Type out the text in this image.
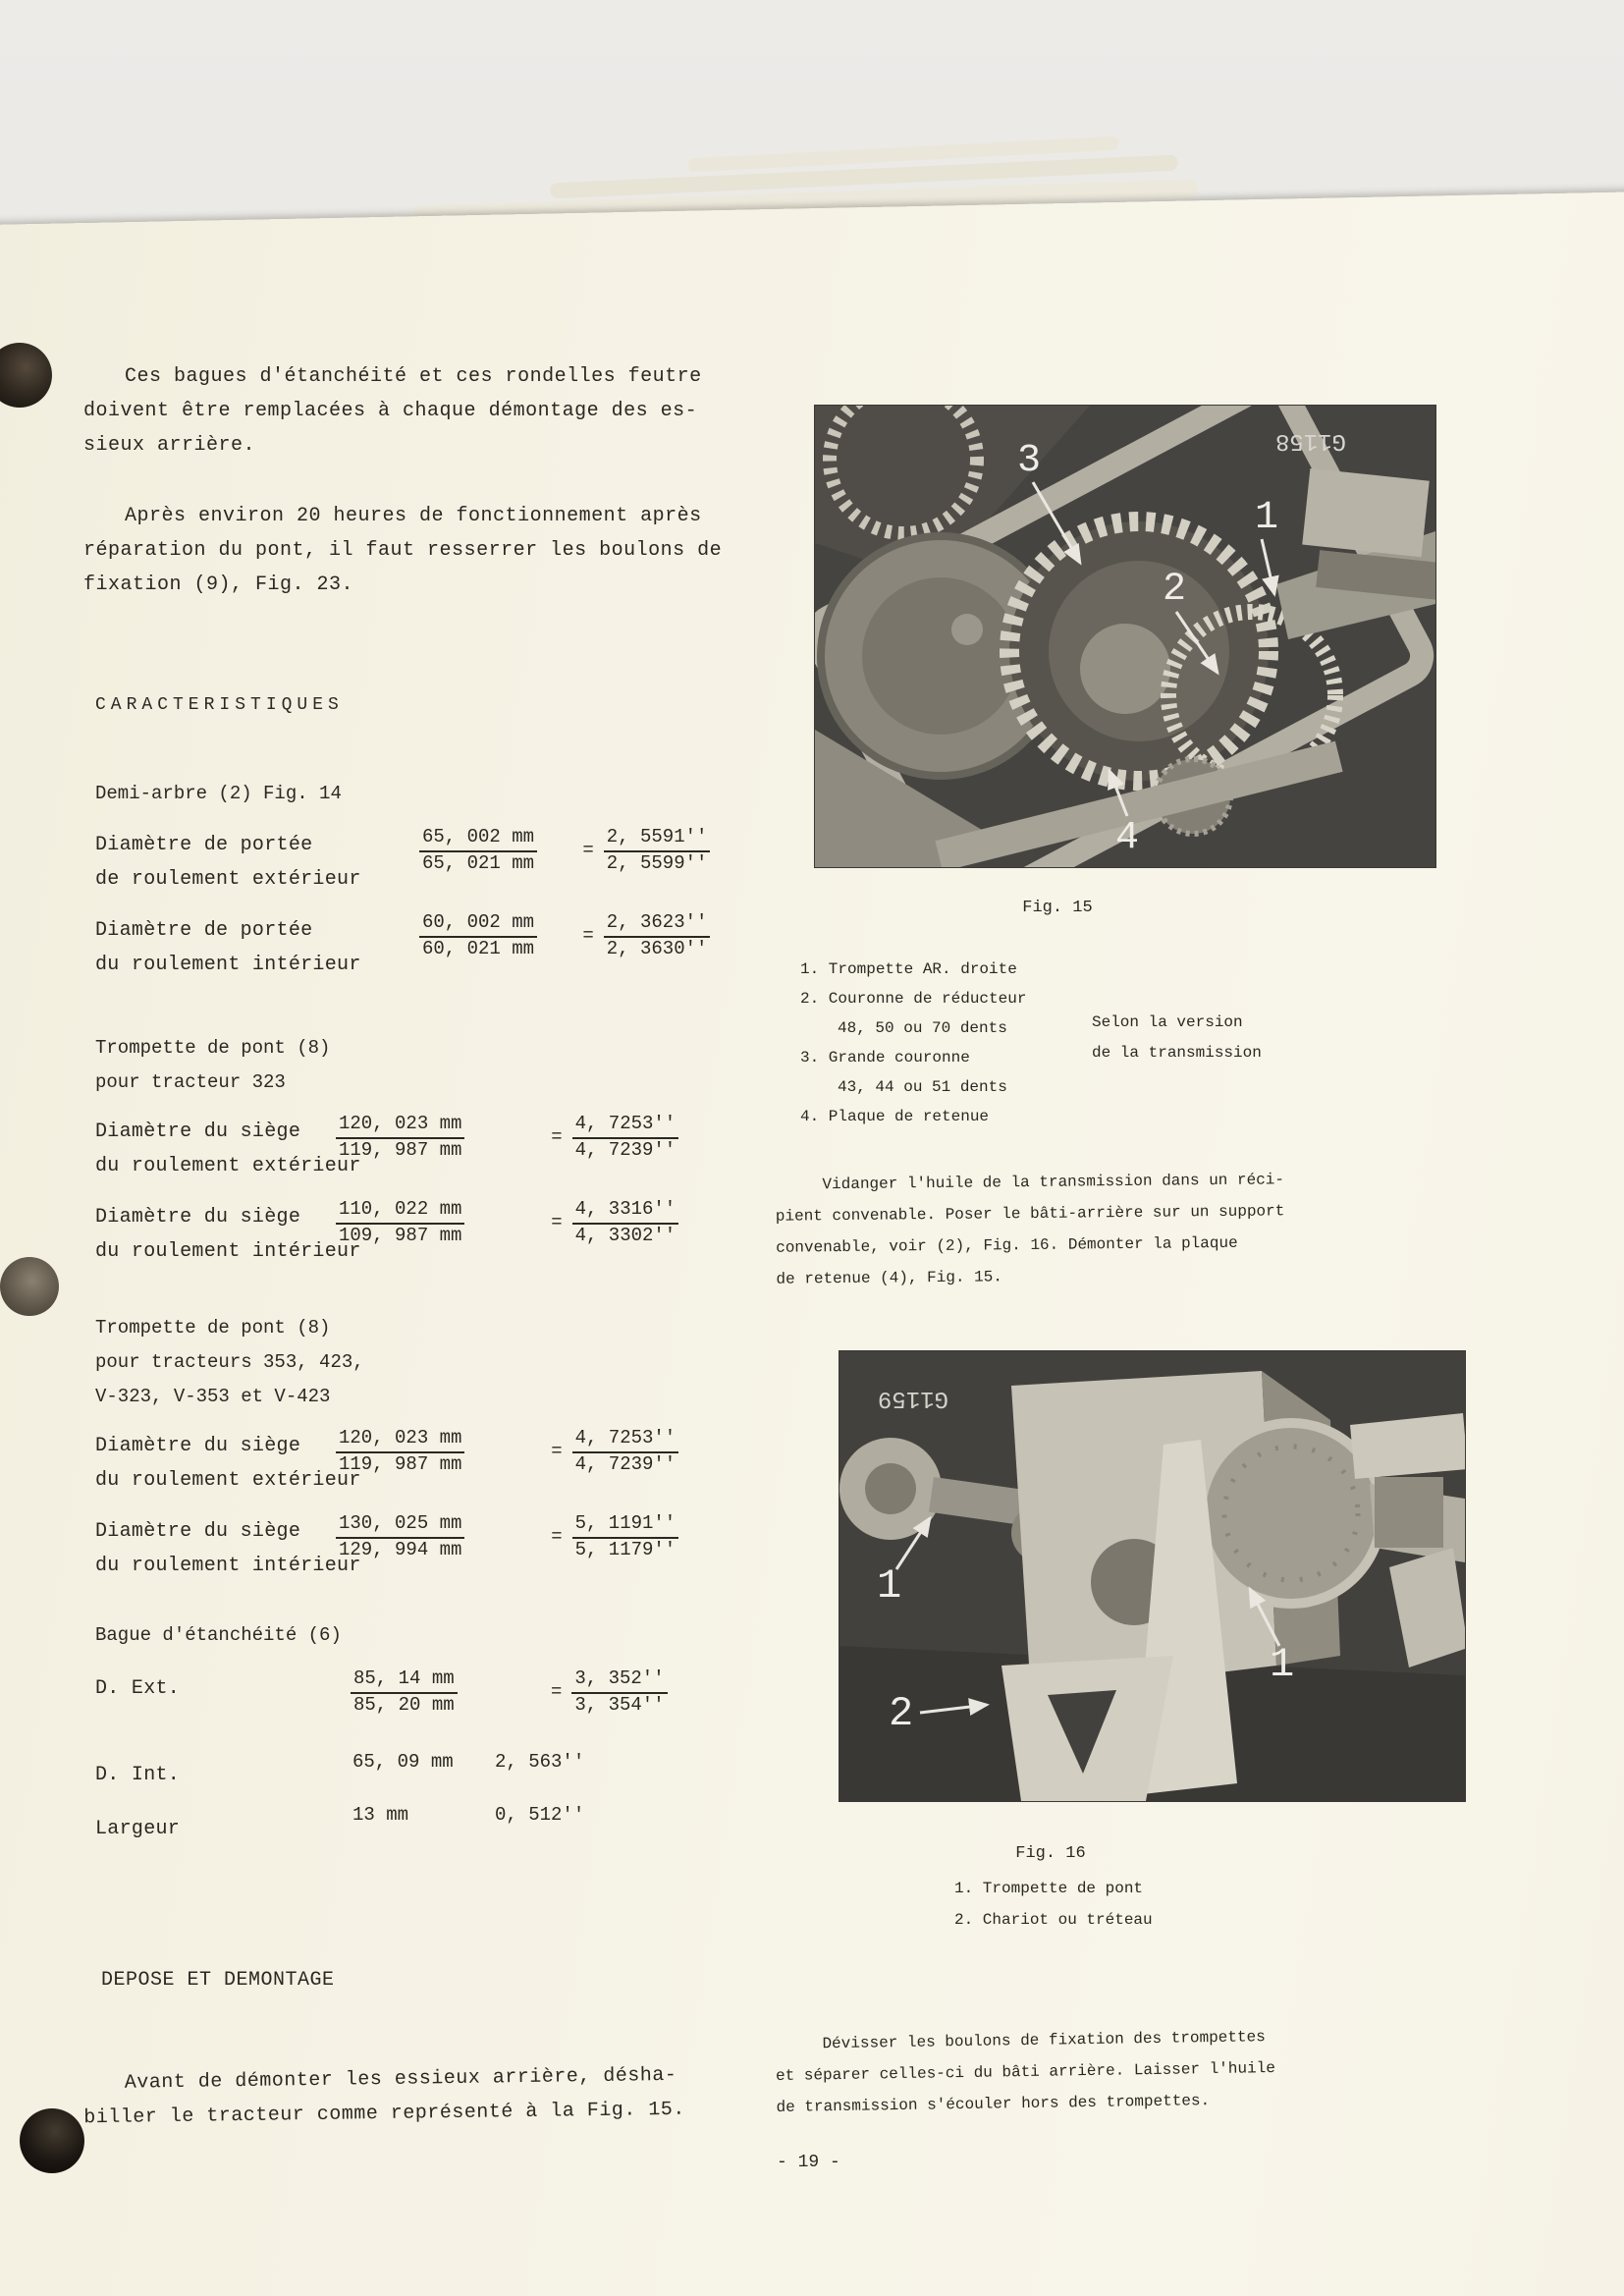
Ces bagues d'étanchéité et ces rondelles feutre
doivent être remplacées à chaque démontage des es-
sieux arrière.
Après environ 20 heures de fonctionnement après
réparation du pont, il faut resserrer les boulons de
fixation (9), Fig. 23.
CARACTERISTIQUES
Demi-arbre (2) Fig. 14
Diamètre de portée
de roulement extérieur
$\frac{65, 002 mm}{65, 021 mm} = \frac{2, 5591''}{2, 5599''}$
Diamètre de portée
du roulement intérieur
$\frac{60, 002 mm}{60, 021 mm} = \frac{2, 3623''}{2, 3630''}$
Trompette de pont (8)
pour tracteur 323
Diamètre du siège
du roulement extérieur
$\frac{120, 023 mm}{119, 987 mm} = \frac{4, 7253''}{4, 7239''}$
Diamètre du siège
du roulement intérieur
$\frac{110, 022 mm}{109, 987 mm} = \frac{4, 3316''}{4, 3302''}$
Trompette de pont (8)
pour tracteurs 353, 423,
V-323, V-353 et V-423
Diamètre du siège
du roulement extérieur
$\frac{120, 023 mm}{119, 987 mm} = \frac{4, 7253''}{4, 7239''}$
Diamètre du siège
du roulement intérieur
$\frac{130, 025 mm}{129, 994 mm} = \frac{5, 1191''}{5, 1179''}$
Bague d'étanchéité (6)
D. Ext.	$\frac{85, 14 mm}{85, 20 mm} = \frac{3, 352''}{3, 354''}$
D. Int.
65, 09 mm	2, 563''
Largeur
13 mm	0, 512''
DEPOSE ET DEMONTAGE
Avant de démonter les essieux arrière, désha-
biller le tracteur comme représenté à la Fig. 15.
3
1
2
4
G1158
Fig. 15
1. Trompette AR. droite
2. Couronne de réducteur
48, 50 ou 70 dents
3. Grande couronne
43, 44 ou 51 dents
4. Plaque de retenue
Selon la version
de la transmission
Vidanger l'huile de la transmission dans un réci-
pient convenable. Poser le bâti-arrière sur un support
convenable, voir (2), Fig. 16. Démonter la plaque
de retenue (4), Fig. 15.
1
2
1
G1159
Fig. 16
1. Trompette de pont
2. Chariot ou tréteau
Dévisser les boulons de fixation des trompettes
et séparer celles-ci du bâti arrière. Laisser l'huile
de transmission s'écouler hors des trompettes.
- 19 -
